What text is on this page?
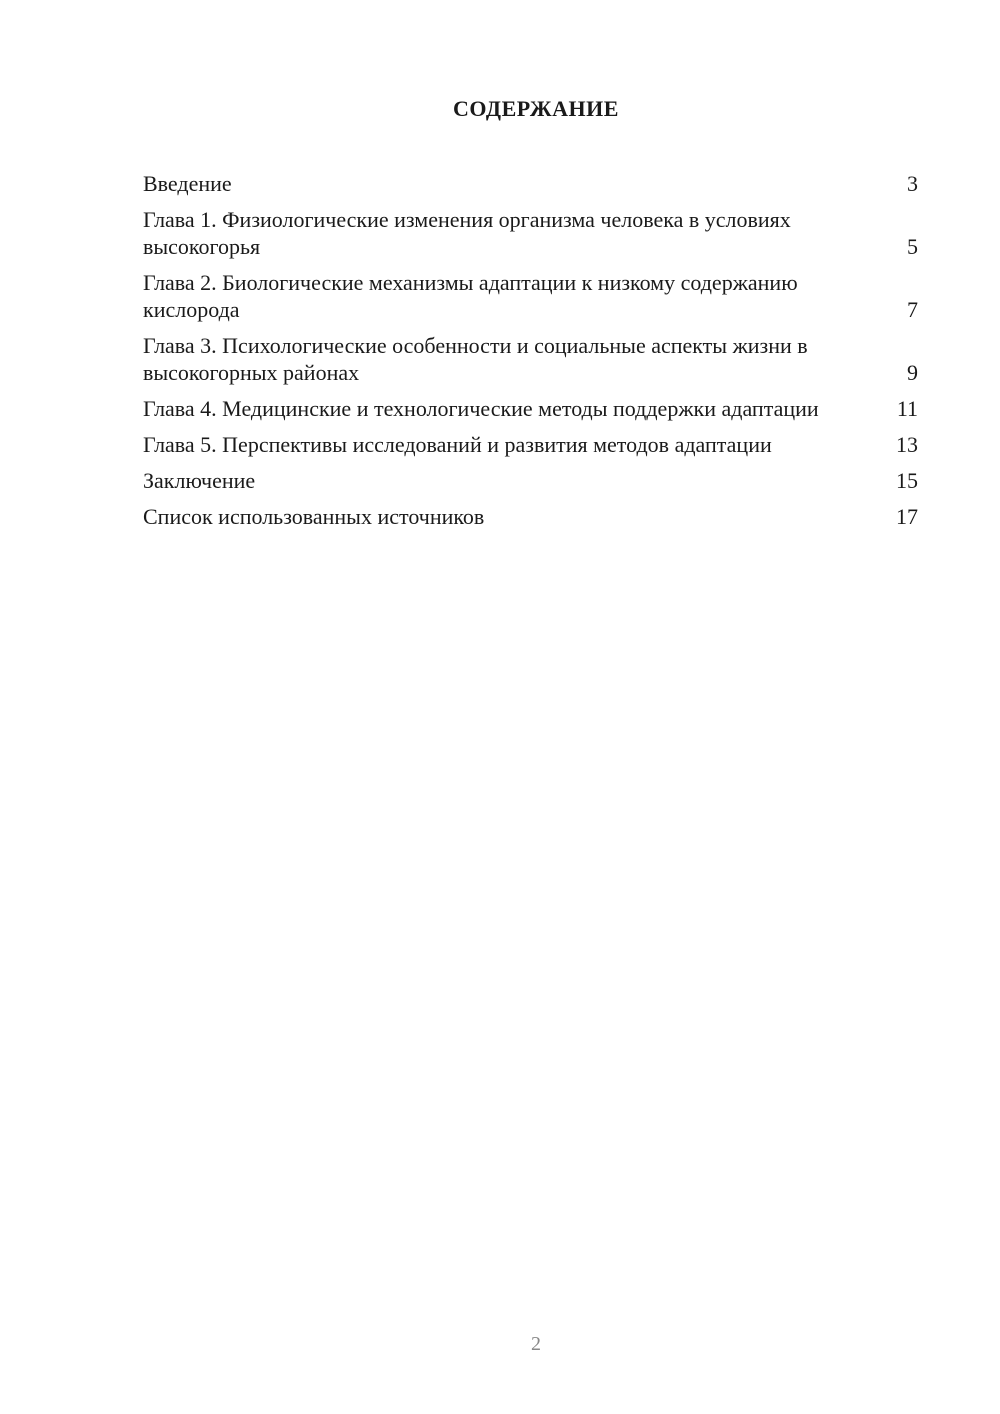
СОДЕРЖАНИЕ
Введение	3
Глава 1. Физиологические изменения организма человека в условиях высокогорья	5
Глава 2. Биологические механизмы адаптации к низкому содержанию кислорода	7
Глава 3. Психологические особенности и социальные аспекты жизни в высокогорных районах	9
Глава 4. Медицинские и технологические методы поддержки адаптации	11
Глава 5. Перспективы исследований и развития методов адаптации	13
Заключение	15
Список использованных источников	17
2
